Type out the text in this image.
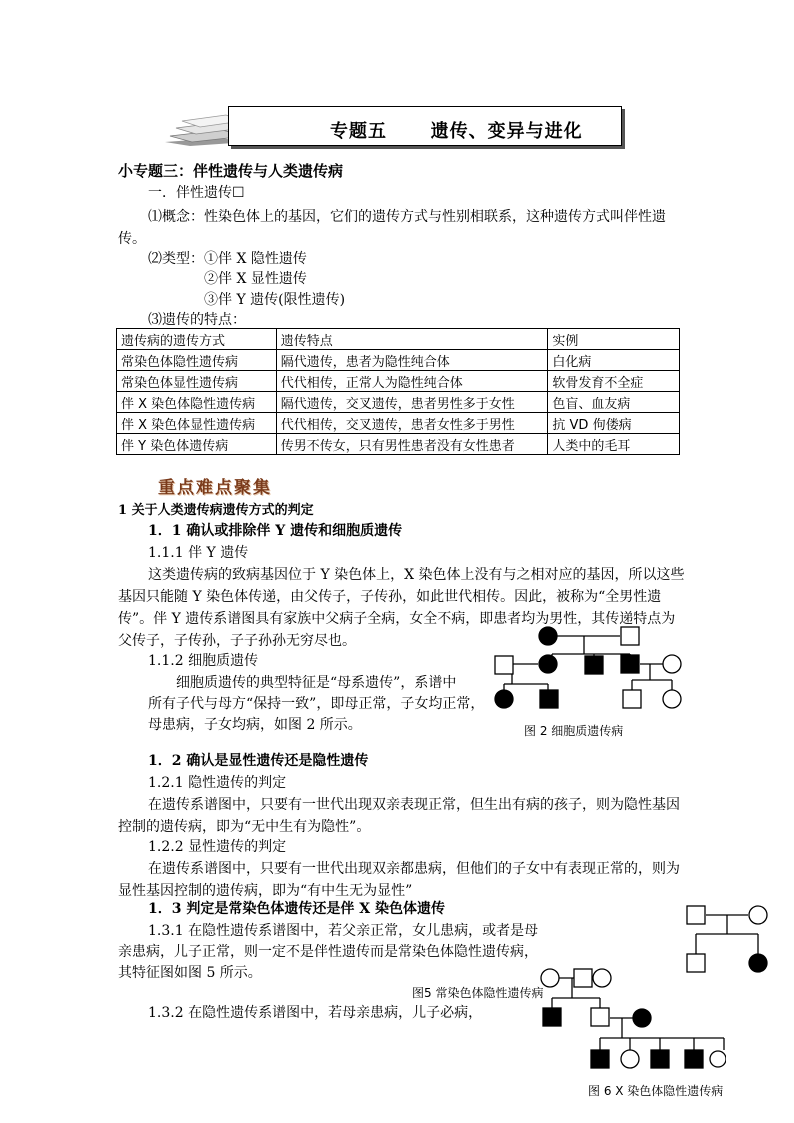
专题五      遗传、变异与进化
小专题三：伴性遗传与人类遗传病
一．伴性遗传☐
⑴概念：性染色体上的基因，它们的遗传方式与性别相联系，这种遗传方式叫伴性遗
传。
⑵类型：①伴 X 隐性遗传
②伴 X 显性遗传
③伴 Y 遗传(限性遗传)
⑶遗传的特点：
遗传病的遗传方式	遗传特点	实例
常染色体隐性遗传病	隔代遗传，患者为隐性纯合体	白化病
常染色体显性遗传病	代代相传，正常人为隐性纯合体	软骨发育不全症
伴 X 染色体隐性遗传病	隔代遗传，交叉遗传，患者男性多于女性	色盲、血友病
伴 X 染色体显性遗传病	代代相传，交叉遗传，患者女性多于男性	抗 VD 佝偻病
伴 Y 染色体遗传病	传男不传女，只有男性患者没有女性患者	人类中的毛耳
重点难点聚集
1 关于人类遗传病遗传方式的判定
1．1 确认或排除伴 Y 遗传和细胞质遗传
1.1.1 伴 Y 遗传
这类遗传病的致病基因位于 Y 染色体上，X 染色体上没有与之相对应的基因，所以这些
基因只能随 Y 染色体传递，由父传子，子传孙，如此世代相传。因此，被称为“全男性遗
传”。伴 Y 遗传系谱图具有家族中父病子全病，女全不病，即患者均为男性，其传递特点为
父传子，子传孙，子子孙孙无穷尽也。
1.1.2 细胞质遗传
细胞质遗传的典型特征是“母系遗传”，系谱中
所有子代与母方“保持一致”，即母正常，子女均正常，
母患病，子女均病，如图 2 所示。	图 2 细胞质遗传病
1．2 确认是显性遗传还是隐性遗传
1.2.1 隐性遗传的判定
在遗传系谱图中，只要有一世代出现双亲表现正常，但生出有病的孩子，则为隐性基因
控制的遗传病，即为“无中生有为隐性”。
1.2.2 显性遗传的判定
在遗传系谱图中，只要有一世代出现双亲都患病，但他们的子女中有表现正常的，则为
显性基因控制的遗传病，即为“有中生无为显性”
1．3 判定是常染色体遗传还是伴 X 染色体遗传
1.3.1 在隐性遗传系谱图中，若父亲正常，女儿患病，或者是母
亲患病，儿子正常，则一定不是伴性遗传而是常染色体隐性遗传病，
其特征图如图 5 所示。
图5 常染色体隐性遗传病
1.3.2 在隐性遗传系谱图中，若母亲患病，儿子必病，
图 6 X 染色体隐性遗传病
